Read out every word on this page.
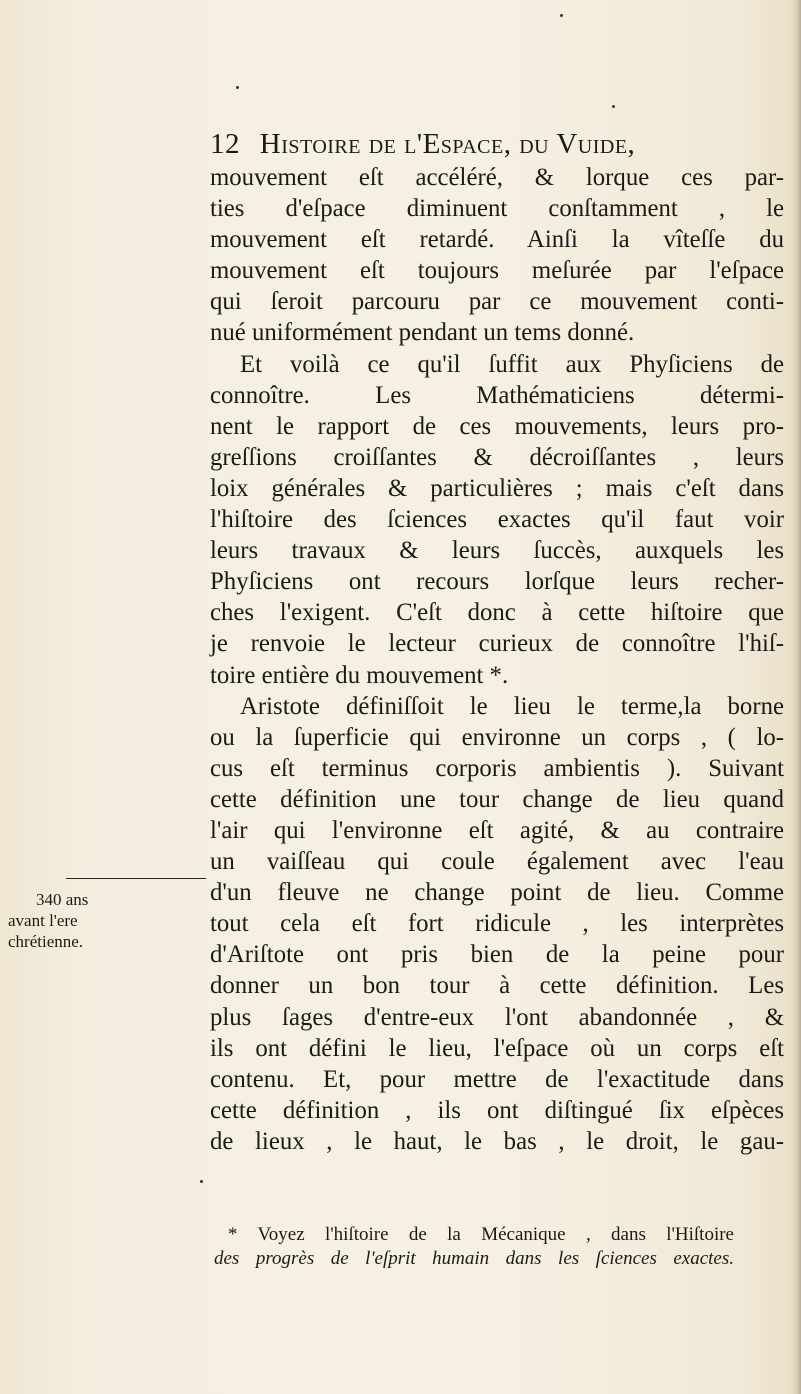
12 Histoire de l'Espace, du Vuide,
mouvement eſt accéléré, & lorque ces par-
ties d'eſpace diminuent conſtamment , le
mouvement eſt retardé. Ainſi la vîteſſe du
mouvement eſt toujours meſurée par l'eſpace
qui ſeroit parcouru par ce mouvement conti-
nué uniformément pendant un tems donné.
Et voilà ce qu'il ſuffit aux Phyſiciens de
connoître. Les Mathématiciens détermi-
nent le rapport de ces mouvements, leurs pro-
greſſions croiſſantes & décroiſſantes , leurs
loix générales & particulières ; mais c'eſt dans
l'hiſtoire des ſciences exactes qu'il faut voir
leurs travaux & leurs ſuccès, auxquels les
Phyſiciens ont recours lorſque leurs recher-
ches l'exigent. C'eſt donc à cette hiſtoire que
je renvoie le lecteur curieux de connoître l'hiſ-
toire entière du mouvement *.
Aristote définiſſoit le lieu le terme,la borne
ou la ſuperficie qui environne un corps , ( lo-
cus eſt terminus corporis ambientis ). Suivant
cette définition une tour change de lieu quand
l'air qui l'environne eſt agité, & au contraire
un vaiſſeau qui coule également avec l'eau
d'un fleuve ne change point de lieu. Comme
tout cela eſt fort ridicule , les interprètes
d'Ariſtote ont pris bien de la peine pour
donner un bon tour à cette définition. Les
plus ſages d'entre-eux l'ont abandonnée , &
ils ont défini le lieu, l'eſpace où un corps eſt
contenu. Et, pour mettre de l'exactitude dans
cette définition , ils ont diſtingué ſix eſpèces
de lieux , le haut, le bas , le droit, le gau-
340 ans
avant l'ere
chrétienne.
* Voyez l'hiſtoire de la Mécanique , dans l'Hiſtoire
des progrès de l'eſprit humain dans les ſciences exactes.
